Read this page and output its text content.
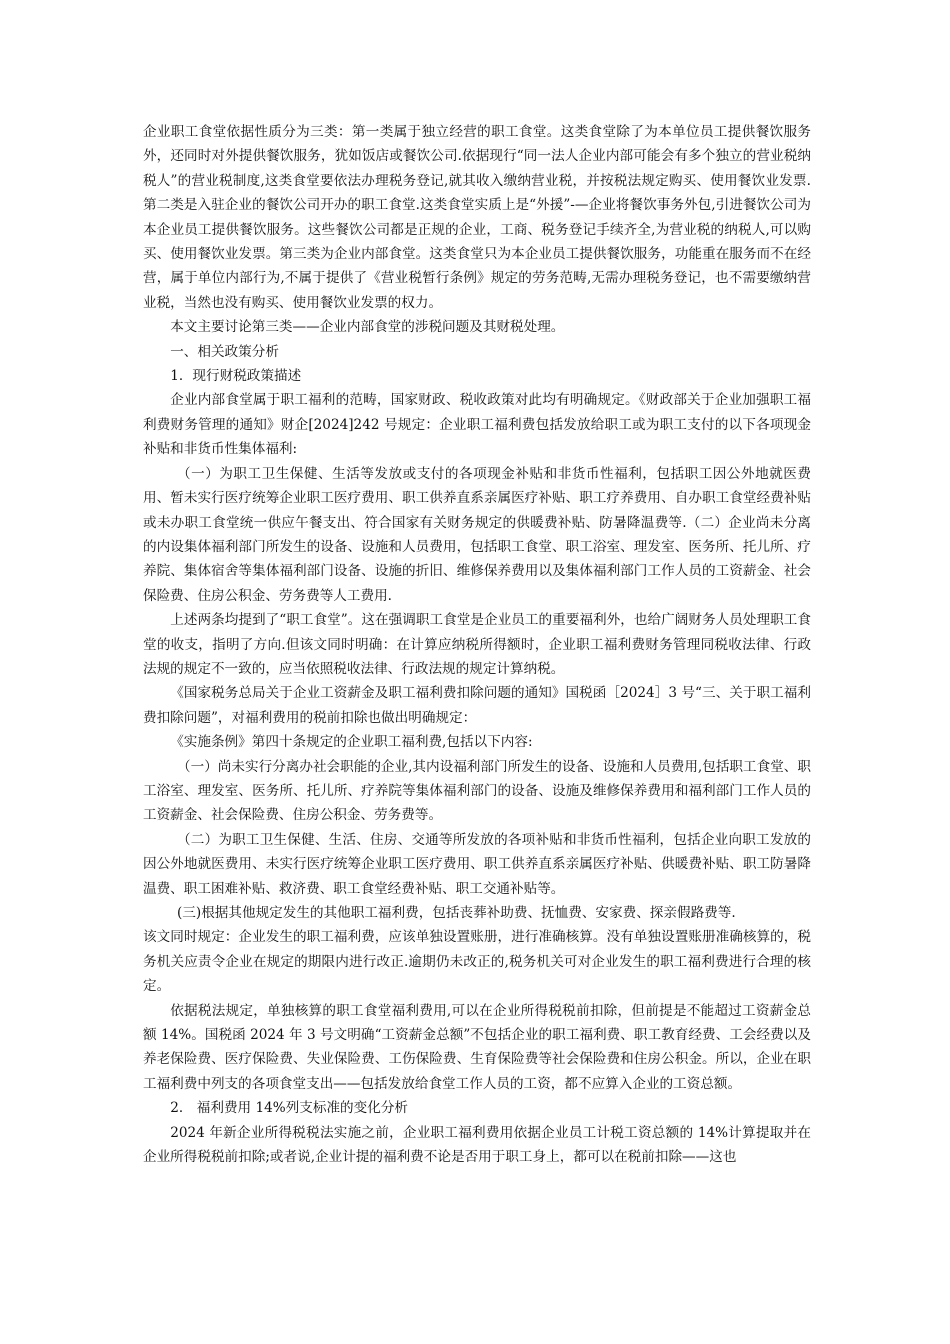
企业职工食堂依据性质分为三类：第一类属于独立经营的职工食堂。这类食堂除了为本单位员工提供餐饮服务外，还同时对外提供餐饮服务，犹如饭店或餐饮公司.依据现行“同一法人企业内部可能会有多个独立的营业税纳税人”的营业税制度,这类食堂要依法办理税务登记,就其收入缴纳营业税，并按税法规定购买、使用餐饮业发票.第二类是入驻企业的餐饮公司开办的职工食堂.这类食堂实质上是“外援”-—企业将餐饮事务外包,引进餐饮公司为本企业员工提供餐饮服务。这些餐饮公司都是正规的企业，工商、税务登记手续齐全,为营业税的纳税人,可以购买、使用餐饮业发票。第三类为企业内部食堂。这类食堂只为本企业员工提供餐饮服务，功能重在服务而不在经营，属于单位内部行为,不属于提供了《营业税暂行条例》规定的劳务范畴,无需办理税务登记，也不需要缴纳营业税，当然也没有购买、使用餐饮业发票的权力。

本文主要讨论第三类——企业内部食堂的涉税问题及其财税处理。

一、相关政策分析

1．现行财税政策描述

企业内部食堂属于职工福利的范畴，国家财政、税收政策对此均有明确规定。《财政部关于企业加强职工福利费财务管理的通知》财企[2024]242 号规定：企业职工福利费包括发放给职工或为职工支付的以下各项现金补贴和非货币性集体福利:

（一）为职工卫生保健、生活等发放或支付的各项现金补贴和非货币性福利，包括职工因公外地就医费用、暂未实行医疗统筹企业职工医疗费用、职工供养直系亲属医疗补贴、职工疗养费用、自办职工食堂经费补贴或未办职工食堂统一供应午餐支出、符合国家有关财务规定的供暖费补贴、防暑降温费等.（二）企业尚未分离的内设集体福利部门所发生的设备、设施和人员费用，包括职工食堂、职工浴室、理发室、医务所、托儿所、疗养院、集体宿舍等集体福利部门设备、设施的折旧、维修保养费用以及集体福利部门工作人员的工资薪金、社会保险费、住房公积金、劳务费等人工费用.

上述两条均提到了“职工食堂”。这在强调职工食堂是企业员工的重要福利外，也给广阔财务人员处理职工食堂的收支，指明了方向.但该文同时明确：在计算应纳税所得额时，企业职工福利费财务管理同税收法律、行政法规的规定不一致的，应当依照税收法律、行政法规的规定计算纳税。

《国家税务总局关于企业工资薪金及职工福利费扣除问题的通知》国税函［2024］3 号“三、关于职工福利费扣除问题”，对福利费用的税前扣除也做出明确规定：

《实施条例》第四十条规定的企业职工福利费,包括以下内容:

（一）尚未实行分离办社会职能的企业,其内设福利部门所发生的设备、设施和人员费用,包括职工食堂、职工浴室、理发室、医务所、托儿所、疗养院等集体福利部门的设备、设施及维修保养费用和福利部门工作人员的工资薪金、社会保险费、住房公积金、劳务费等。

（二）为职工卫生保健、生活、住房、交通等所发放的各项补贴和非货币性福利，包括企业向职工发放的因公外地就医费用、未实行医疗统筹企业职工医疗费用、职工供养直系亲属医疗补贴、供暖费补贴、职工防暑降温费、职工困难补贴、救济费、职工食堂经费补贴、职工交通补贴等。

(三)根据其他规定发生的其他职工福利费，包括丧葬补助费、抚恤费、安家费、探亲假路费等.

该文同时规定：企业发生的职工福利费，应该单独设置账册，进行准确核算。没有单独设置账册准确核算的，税务机关应责令企业在规定的期限内进行改正.逾期仍未改正的,税务机关可对企业发生的职工福利费进行合理的核定。

依据税法规定，单独核算的职工食堂福利费用,可以在企业所得税税前扣除，但前提是不能超过工资薪金总额 14%。国税函 2024 年 3 号文明确“工资薪金总额”不包括企业的职工福利费、职工教育经费、工会经费以及养老保险费、医疗保险费、失业保险费、工伤保险费、生育保险费等社会保险费和住房公积金。所以，企业在职工福利费中列支的各项食堂支出——包括发放给食堂工作人员的工资，都不应算入企业的工资总额。

2． 福利费用 14%列支标准的变化分析

2024 年新企业所得税税法实施之前，企业职工福利费用依据企业员工计税工资总额的 14%计算提取并在企业所得税税前扣除;或者说,企业计提的福利费不论是否用于职工身上，都可以在税前扣除——这也
